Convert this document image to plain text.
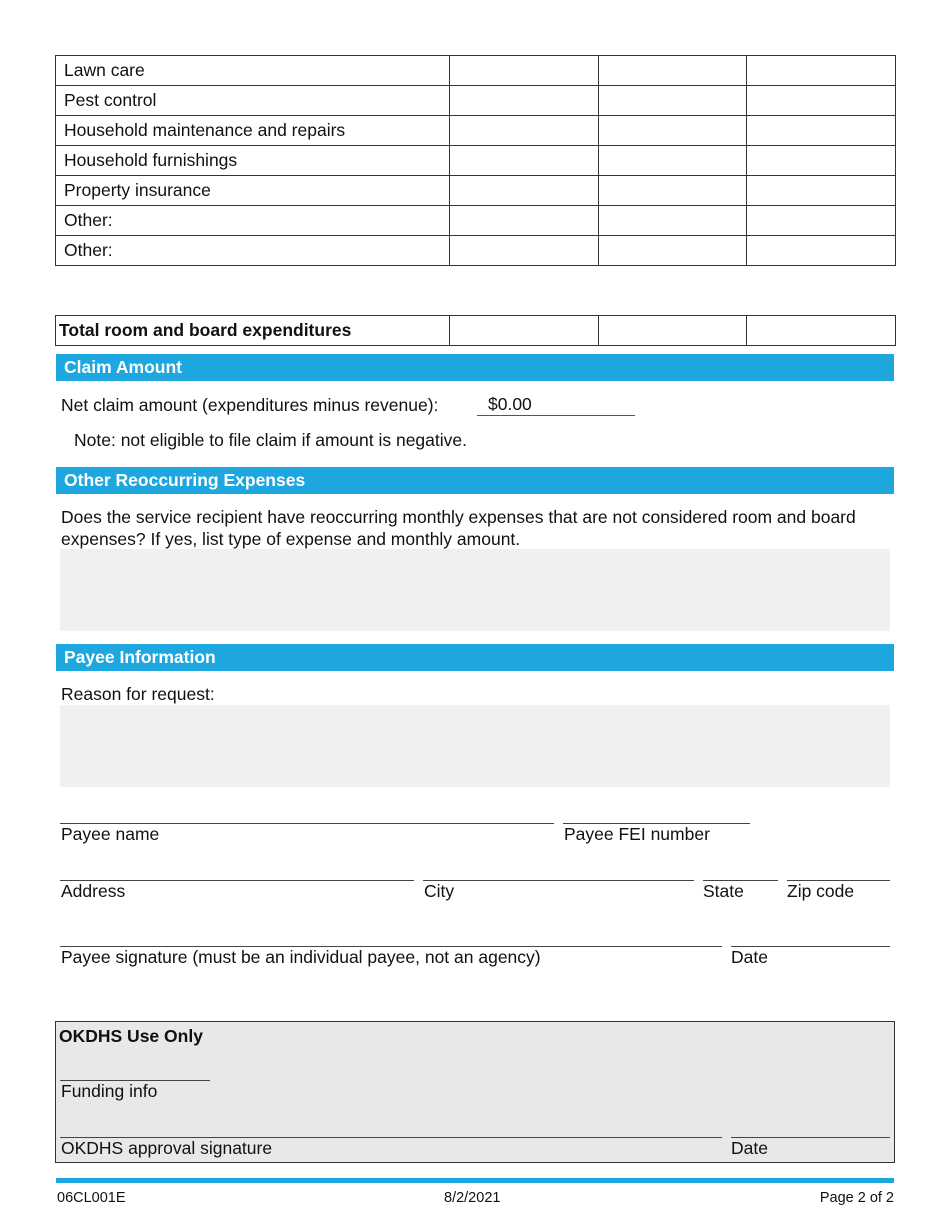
Lawn care			
Pest control			
Household maintenance and repairs			
Household furnishings			
Property insurance			
Other:			
Other:			
Total room and board expenditures			
Claim Amount
Net claim amount (expenditures minus revenue):	$0.00
Note: not eligible to file claim if amount is negative.
Other Reoccurring Expenses
Does the service recipient have reoccurring monthly expenses that are not considered room and board expenses? If yes, list type of expense and monthly amount.
Payee Information
Reason for request:
Payee name	Payee FEI number
Address	City	State Zip code
Payee signature (must be an individual payee, not an agency)	Date
OKDHS Use Only
Funding info
OKDHS approval signature	Date
06CL001E	8/2/2021	Page 2 of 2
